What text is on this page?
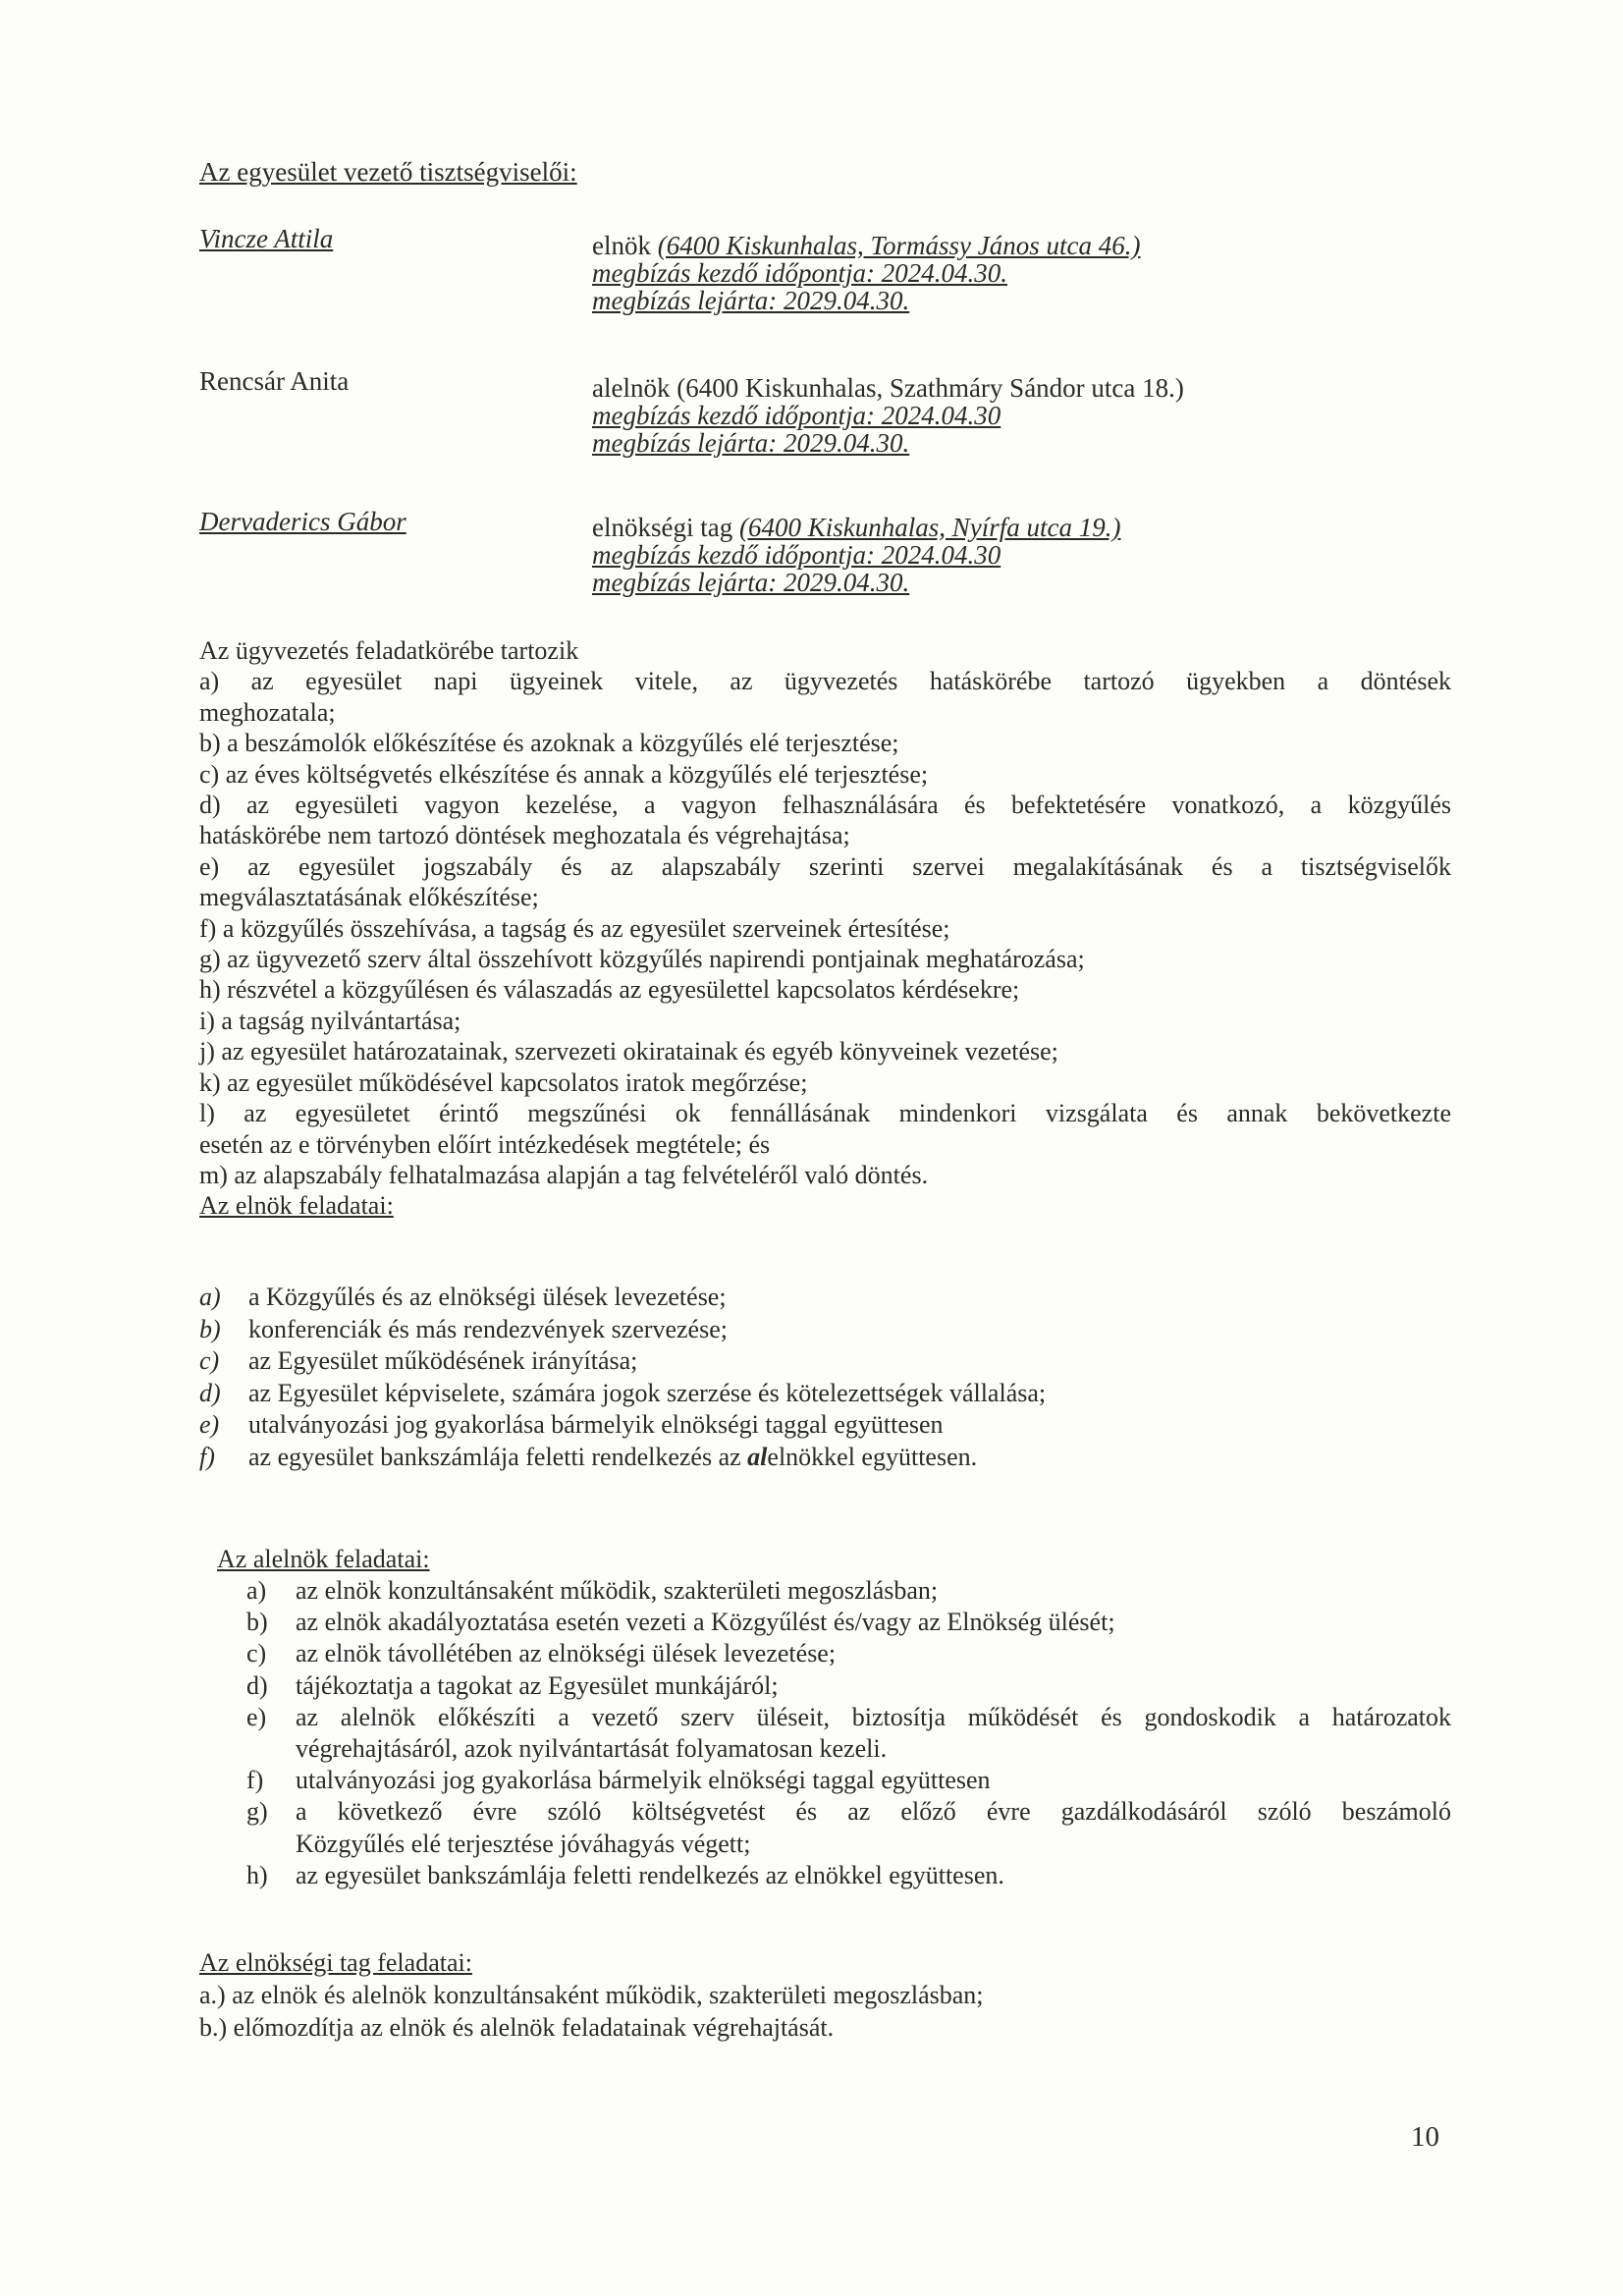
Az egyesület vezető tisztségviselői:
Vincze Attila	elnök (6400 Kiskunhalas, Tormássy János utca 46.)
megbízás kezdő időpontja: 2024.04.30.
megbízás lejárta: 2029.04.30.
Rencsár Anita	alelnök (6400 Kiskunhalas, Szathmáry Sándor utca 18.)
megbízás kezdő időpontja: 2024.04.30
megbízás lejárta: 2029.04.30.
Dervaderics Gábor	elnökségi tag (6400 Kiskunhalas, Nyírfa utca 19.)
megbízás kezdő időpontja: 2024.04.30
megbízás lejárta: 2029.04.30.

Az ügyvezetés feladatkörébe tartozik

a) az egyesület napi ügyeinek vitele, az ügyvezetés hatáskörébe tartozó ügyekben a döntések

meghozatala;

b) a beszámolók előkészítése és azoknak a közgyűlés elé terjesztése;

c) az éves költségvetés elkészítése és annak a közgyűlés elé terjesztése;

d) az egyesületi vagyon kezelése, a vagyon felhasználására és befektetésére vonatkozó, a közgyűlés

hatáskörébe nem tartozó döntések meghozatala és végrehajtása;

e) az egyesület jogszabály és az alapszabály szerinti szervei megalakításának és a tisztségviselők

megválasztatásának előkészítése;

f) a közgyűlés összehívása, a tagság és az egyesület szerveinek értesítése;

g) az ügyvezető szerv által összehívott közgyűlés napirendi pontjainak meghatározása;

h) részvétel a közgyűlésen és válaszadás az egyesülettel kapcsolatos kérdésekre;

i) a tagság nyilvántartása;

j) az egyesület határozatainak, szervezeti okiratainak és egyéb könyveinek vezetése;

k) az egyesület működésével kapcsolatos iratok megőrzése;

l) az egyesületet érintő megszűnési ok fennállásának mindenkori vizsgálata és annak bekövetkezte

esetén az e törvényben előírt intézkedések megtétele; és

m) az alapszabály felhatalmazása alapján a tag felvételéről való döntés.

Az elnök feladatai:

a) a Közgyűlés és az elnökségi ülések levezetése;
b) konferenciák és más rendezvények szervezése;
c) az Egyesület működésének irányítása;
d) az Egyesület képviselete, számára jogok szerzése és kötelezettségek vállalása;
e) utalványozási jog gyakorlása bármelyik elnökségi taggal együttesen
f) az egyesület bankszámlája feletti rendelkezés az alelnökkel együttesen.
Az alelnök feladatai:
a)	az elnök konzultánsaként működik, szakterületi megoszlásban;
b)	az elnök akadályoztatása esetén vezeti a Közgyűlést és/vagy az Elnökség ülését;
c)	az elnök távollétében az elnökségi ülések levezetése;
d)	tájékoztatja a tagokat az Egyesület munkájáról;
e)	az alelnök előkészíti a vezető szerv üléseit, biztosítja működését és gondoskodik a határozatok
végrehajtásáról, azok nyilvántartását folyamatosan kezeli.
f)	utalványozási jog gyakorlása bármelyik elnökségi taggal együttesen
g)	a következő évre szóló költségvetést és az előző évre gazdálkodásáról szóló beszámoló
Közgyűlés elé terjesztése jóváhagyás végett;
h)	az egyesület bankszámlája feletti rendelkezés az elnökkel együttesen.
Az elnökségi tag feladatai:
a.) az elnök és alelnök konzultánsaként működik, szakterületi megoszlásban;
b.) előmozdítja az elnök és alelnök feladatainak végrehajtását.
10
